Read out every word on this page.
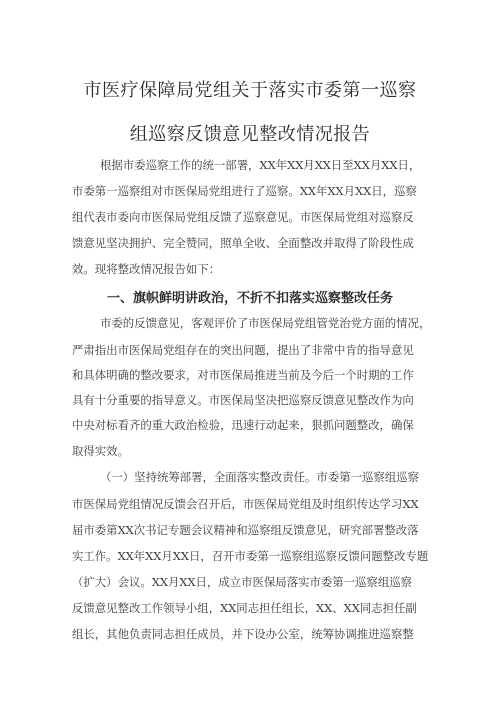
市医疗保障局党组关于落实市委第一巡察
组巡察反馈意见整改情况报告
根据市委巡察工作的统一部署，XX年XX月XX日至XX月XX日，
市委第一巡察组对市医保局党组进行了巡察。XX年XX月XX日，巡察
组代表市委向市医保局党组反馈了巡察意见。市医保局党组对巡察反
馈意见坚决拥护、完全赞同，照单全收、全面整改并取得了阶段性成
效。现将整改情况报告如下：
一、旗帜鲜明讲政治，不折不扣落实巡察整改任务
市委的反馈意见，客观评价了市医保局党组管党治党方面的情况，
严肃指出市医保局党组存在的突出问题，提出了非常中肯的指导意见
和具体明确的整改要求，对市医保局推进当前及今后一个时期的工作
具有十分重要的指导意义。市医保局坚决把巡察反馈意见整改作为向
中央对标看齐的重大政治检验，迅速行动起来，狠抓问题整改，确保
取得实效。
（一）坚持统筹部署，全面落实整改责任。市委第一巡察组巡察
市医保局党组情况反馈会召开后，市医保局党组及时组织传达学习XX
届市委第XX次书记专题会议精神和巡察组反馈意见，研究部署整改落
实工作。XX年XX月XX日，召开市委第一巡察组巡察反馈问题整改专题
（扩大）会议。XX月XX日，成立市医保局落实市委第一巡察组巡察
反馈意见整改工作领导小组，XX同志担任组长，XX、XX同志担任副
组长，其他负责同志担任成员，并下设办公室，统筹协调推进巡察整
